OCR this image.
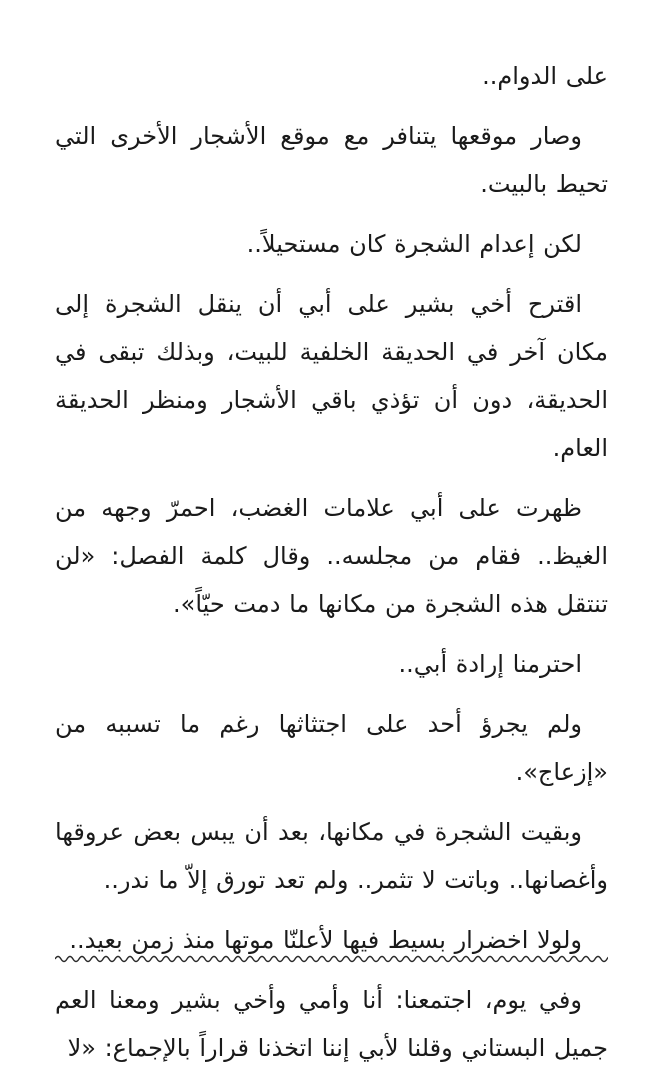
على الدوام..

وصار موقعها يتنافر مع موقع الأشجار الأخرى التي تحيط بالبيت.

لكن إعدام الشجرة كان مستحيلاً..

اقترح أخي بشير على أبي أن ينقل الشجرة إلى مكان آخر في الحديقة الخلفية للبيت، وبذلك تبقى في الحديقة، دون أن تؤذي باقي الأشجار ومنظر الحديقة العام.

ظهرت على أبي علامات الغضب، احمرّ وجهه من الغيظ.. فقام من مجلسه.. وقال كلمة الفصل: «لن تنتقل هذه الشجرة من مكانها ما دمت حيّاً».

احترمنا إرادة أبي..

ولم يجرؤ أحد على اجتثاثها رغم ما تسببه من «إزعاج».

وبقيت الشجرة في مكانها، بعد أن يبس بعض عروقها وأغصانها.. وباتت لا تثمر.. ولم تعد تورق إلاّ ما ندر..

ولولا اخضرار بسيط فيها لأعلنّا موتها منذ زمن بعيد..

وفي يوم، اجتمعنا: أنا وأمي وأخي بشير ومعنا العم جميل البستاني وقلنا لأبي إننا اتخذنا قراراً بالإجماع: «لا
